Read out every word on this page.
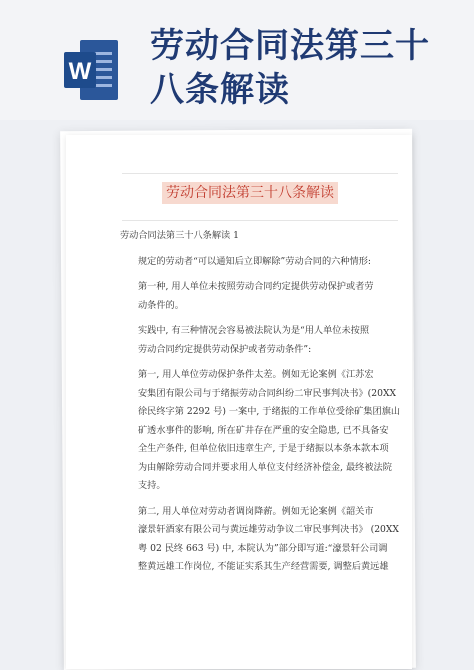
W
劳动合同法第三十八条解读
劳动合同法第三十八条解读
劳动合同法第三十八条解读 1
规定的劳动者“可以通知后立即解除”劳动合同的六种情形:
第一种, 用人单位未按照劳动合同约定提供劳动保护或者劳
动条件的。
实践中, 有三种情况会容易被法院认为是“用人单位未按照
劳动合同约定提供劳动保护或者劳动条件”:
第一, 用人单位劳动保护条件太差。例如无论案例《江苏宏
安集团有限公司与于绪振劳动合同纠纷二审民事判决书》(20XX
徐民终字第 2292 号) 一案中, 于绪振的工作单位受徐矿集团旗山
矿透水事件的影响, 所在矿井存在严重的安全隐患, 已不具备安
全生产条件, 但单位依旧违章生产, 于是于绪振以本条本款本项
为由解除劳动合同并要求用人单位支付经济补偿金, 最终被法院
支持。
第二, 用人单位对劳动者调岗降薪。例如无论案例《韶关市
濠景轩酒家有限公司与黄远雄劳动争议二审民事判决书》 (20XX
粤 02 民终 663 号) 中, 本院认为”部分即写道:“濠景轩公司调
整黄远雄工作岗位, 不能证实系其生产经营需要, 调整后黄远雄
